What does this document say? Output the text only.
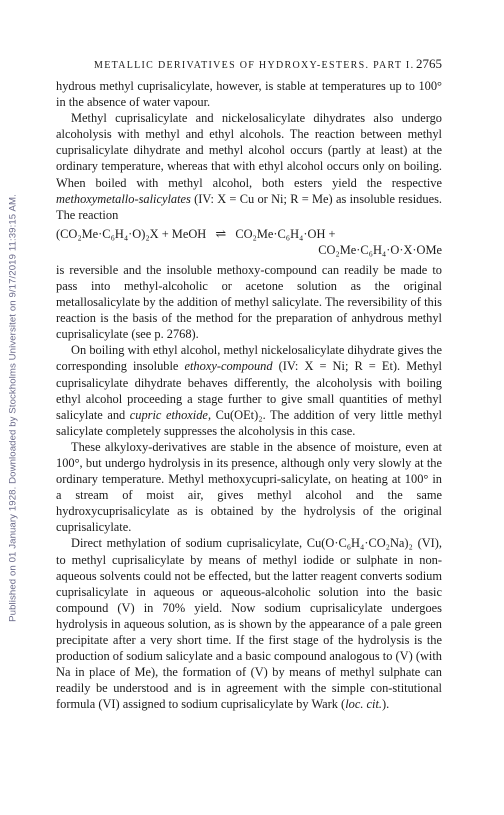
Published on 01 January 1928. Downloaded by Stockholms Universitet on 9/17/2019 11:39:15 AM.
METALLIC DERIVATIVES OF HYDROXY-ESTERS. PART I. 2765

hydrous methyl cuprisalicylate, however, is stable at temperatures up to 100° in the absence of water vapour.

Methyl cuprisalicylate and nickelosalicylate dihydrates also undergo alcoholysis with methyl and ethyl alcohols. The reaction between methyl cuprisalicylate dihydrate and methyl alcohol occurs (partly at least) at the ordinary temperature, whereas that with ethyl alcohol occurs only on boiling. When boiled with methyl alcohol, both esters yield the respective methoxymetallo-salicylates (IV: X = Cu or Ni; R = Me) as insoluble residues. The reaction

(CO₂Me·C₆H₄·O)₂X + MeOH ⇌ CO₂Me·C₆H₄·OH +
CO₂Me·C₆H₄·O·X·OMe

is reversible and the insoluble methoxy-compound can readily be made to pass into methyl-alcoholic or acetone solution as the original metallosalicylate by the addition of methyl salicylate. The reversibility of this reaction is the basis of the method for the preparation of anhydrous methyl cuprisalicylate (see p. 2768).

On boiling with ethyl alcohol, methyl nickelosalicylate dihydrate gives the corresponding insoluble ethoxy-compound (IV: X = Ni; R = Et). Methyl cuprisalicylate dihydrate behaves differently, the alcoholysis with boiling ethyl alcohol proceeding a stage further to give small quantities of methyl salicylate and cupric ethoxide, Cu(OEt)₂. The addition of very little methyl salicylate completely suppresses the alcoholysis in this case.

These alkyloxy-derivatives are stable in the absence of moisture, even at 100°, but undergo hydrolysis in its presence, although only very slowly at the ordinary temperature. Methyl methoxycupri-salicylate, on heating at 100° in a stream of moist air, gives methyl alcohol and the same hydroxycuprisalicylate as is obtained by the hydrolysis of the original cuprisalicylate.

Direct methylation of sodium cuprisalicylate, Cu(O·C₆H₄·CO₂Na)₂ (VI), to methyl cuprisalicylate by means of methyl iodide or sulphate in non-aqueous solvents could not be effected, but the latter reagent converts sodium cuprisalicylate in aqueous or aqueous-alcoholic solution into the basic compound (V) in 70% yield. Now sodium cuprisalicylate undergoes hydrolysis in aqueous solution, as is shown by the appearance of a pale green precipitate after a very short time. If the first stage of the hydrolysis is the production of sodium salicylate and a basic compound analogous to (V) (with Na in place of Me), the formation of (V) by means of methyl sulphate can readily be understood and is in agreement with the simple con-stitutional formula (VI) assigned to sodium cuprisalicylate by Wark (loc. cit.).
